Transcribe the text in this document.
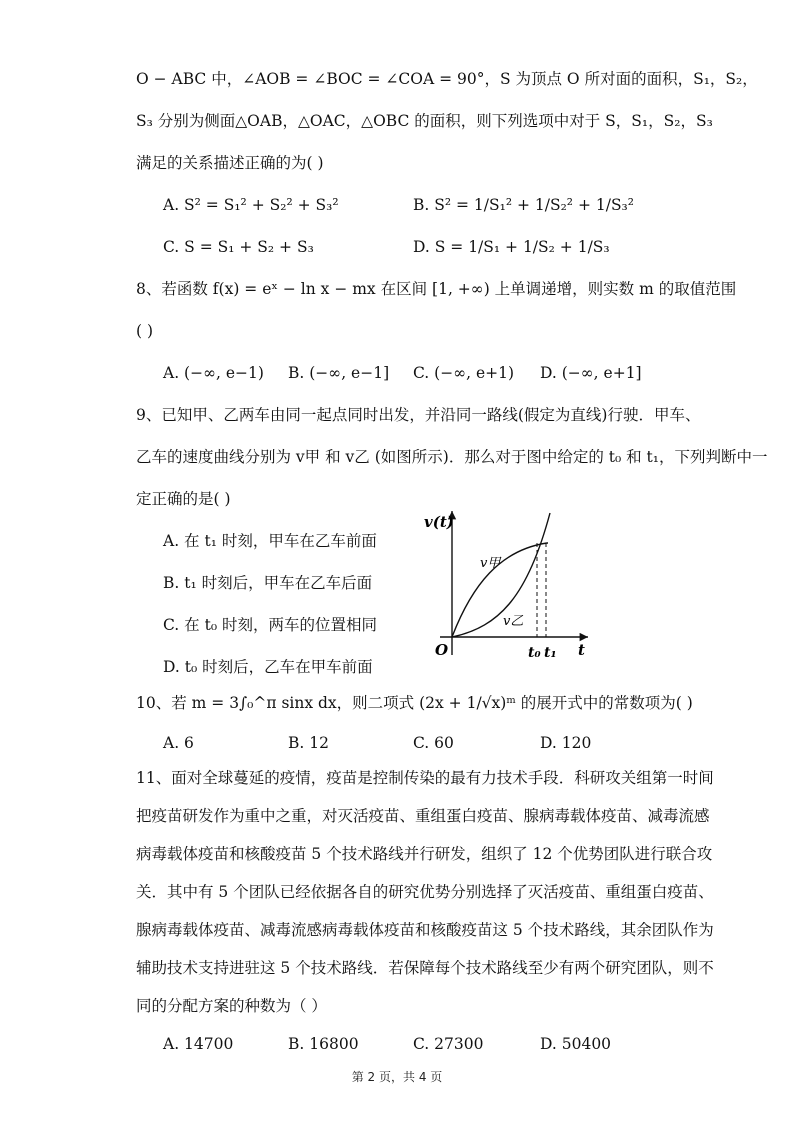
O − ABC 中，∠AOB = ∠BOC = ∠COA = 90°，S 为顶点 O 所对面的面积，S₁，S₂，
S₃ 分别为侧面△OAB，△OAC，△OBC 的面积，则下列选项中对于 S，S₁，S₂，S₃
满足的关系描述正确的为( )
A. S² = S₁² + S₂² + S₃²	B. S² = 1/S₁² + 1/S₂² + 1/S₃²
C. S = S₁ + S₂ + S₃	D. S = 1/S₁ + 1/S₂ + 1/S₃
8、若函数 f(x) = eˣ − ln x − mx 在区间 [1, +∞) 上单调递增，则实数 m 的取值范围
( )
A. (−∞, e−1) B. (−∞, e−1] C. (−∞, e+1) D. (−∞, e+1]
9、已知甲、乙两车由同一起点同时出发，并沿同一路线(假定为直线)行驶．甲车、
乙车的速度曲线分别为 v甲 和 v乙 (如图所示)．那么对于图中给定的 t₀ 和 t₁，下列判断中一
定正确的是( )
A. 在 t₁ 时刻，甲车在乙车前面
B. t₁ 时刻后，甲车在乙车后面
C. 在 t₀ 时刻，两车的位置相同
D. t₀ 时刻后，乙车在甲车前面
v(t)
t
O
v甲
v乙
t₀ t₁
10、若 m = 3∫₀^π sinx dx，则二项式 (2x + 1/√x)ᵐ 的展开式中的常数项为( )
A. 6	B. 12	C. 60	D. 120
11、面对全球蔓延的疫情，疫苗是控制传染的最有力技术手段．科研攻关组第一时间
把疫苗研发作为重中之重，对灭活疫苗、重组蛋白疫苗、腺病毒载体疫苗、减毒流感
病毒载体疫苗和核酸疫苗 5 个技术路线并行研发，组织了 12 个优势团队进行联合攻
关．其中有 5 个团队已经依据各自的研究优势分别选择了灭活疫苗、重组蛋白疫苗、
腺病毒载体疫苗、减毒流感病毒载体疫苗和核酸疫苗这 5 个技术路线，其余团队作为
辅助技术支持进驻这 5 个技术路线．若保障每个技术路线至少有两个研究团队，则不
同的分配方案的种数为（ ）
A. 14700	B. 16800	C. 27300	D. 50400
第 2 页，共 4 页
